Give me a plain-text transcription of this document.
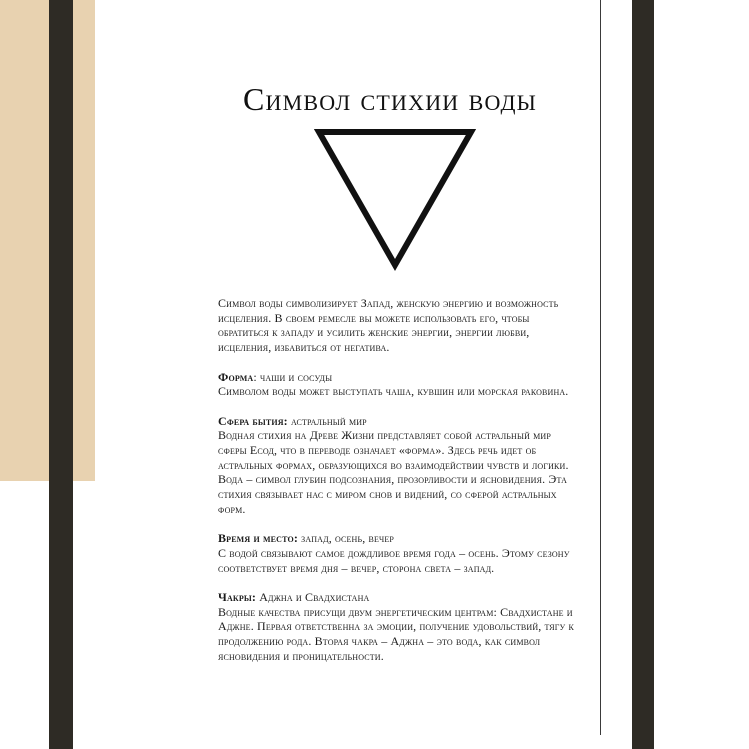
Символ стихии воды

Символ воды символизирует Запад, женскую энергию и возможность исцеления. В своем ремесле вы можете использовать его, чтобы обратиться к западу и усилить женские энергии, энергии любви, исцеления, избавиться от негатива.

Форма: чаши и сосуды

Символом воды может выступать чаша, кувшин или морская раковина.

Сфера бытия: астральный мир

Водная стихия на Древе Жизни представляет собой астральный мир сферы Есод, что в переводе означает «форма». Здесь речь идет об астральных формах, образующихся во взаимодействии чувств и логики. Вода – символ глубин подсознания, прозорливости и ясновидения. Эта стихия связывает нас с миром снов и видений, со сферой астральных форм.

Время и место: запад, осень, вечер

С водой связывают самое дождливое время года – осень. Этому сезону соответствует время дня – вечер, сторона света – запад.

Чакры: Аджна и Свадхистана

Водные качества присущи двум энергетическим центрам: Свадхистане и Аджне. Первая ответственна за эмоции, получение удовольствий, тягу к продолжению рода. Вторая чакра – Аджна – это вода, как символ ясновидения и проницательности.
